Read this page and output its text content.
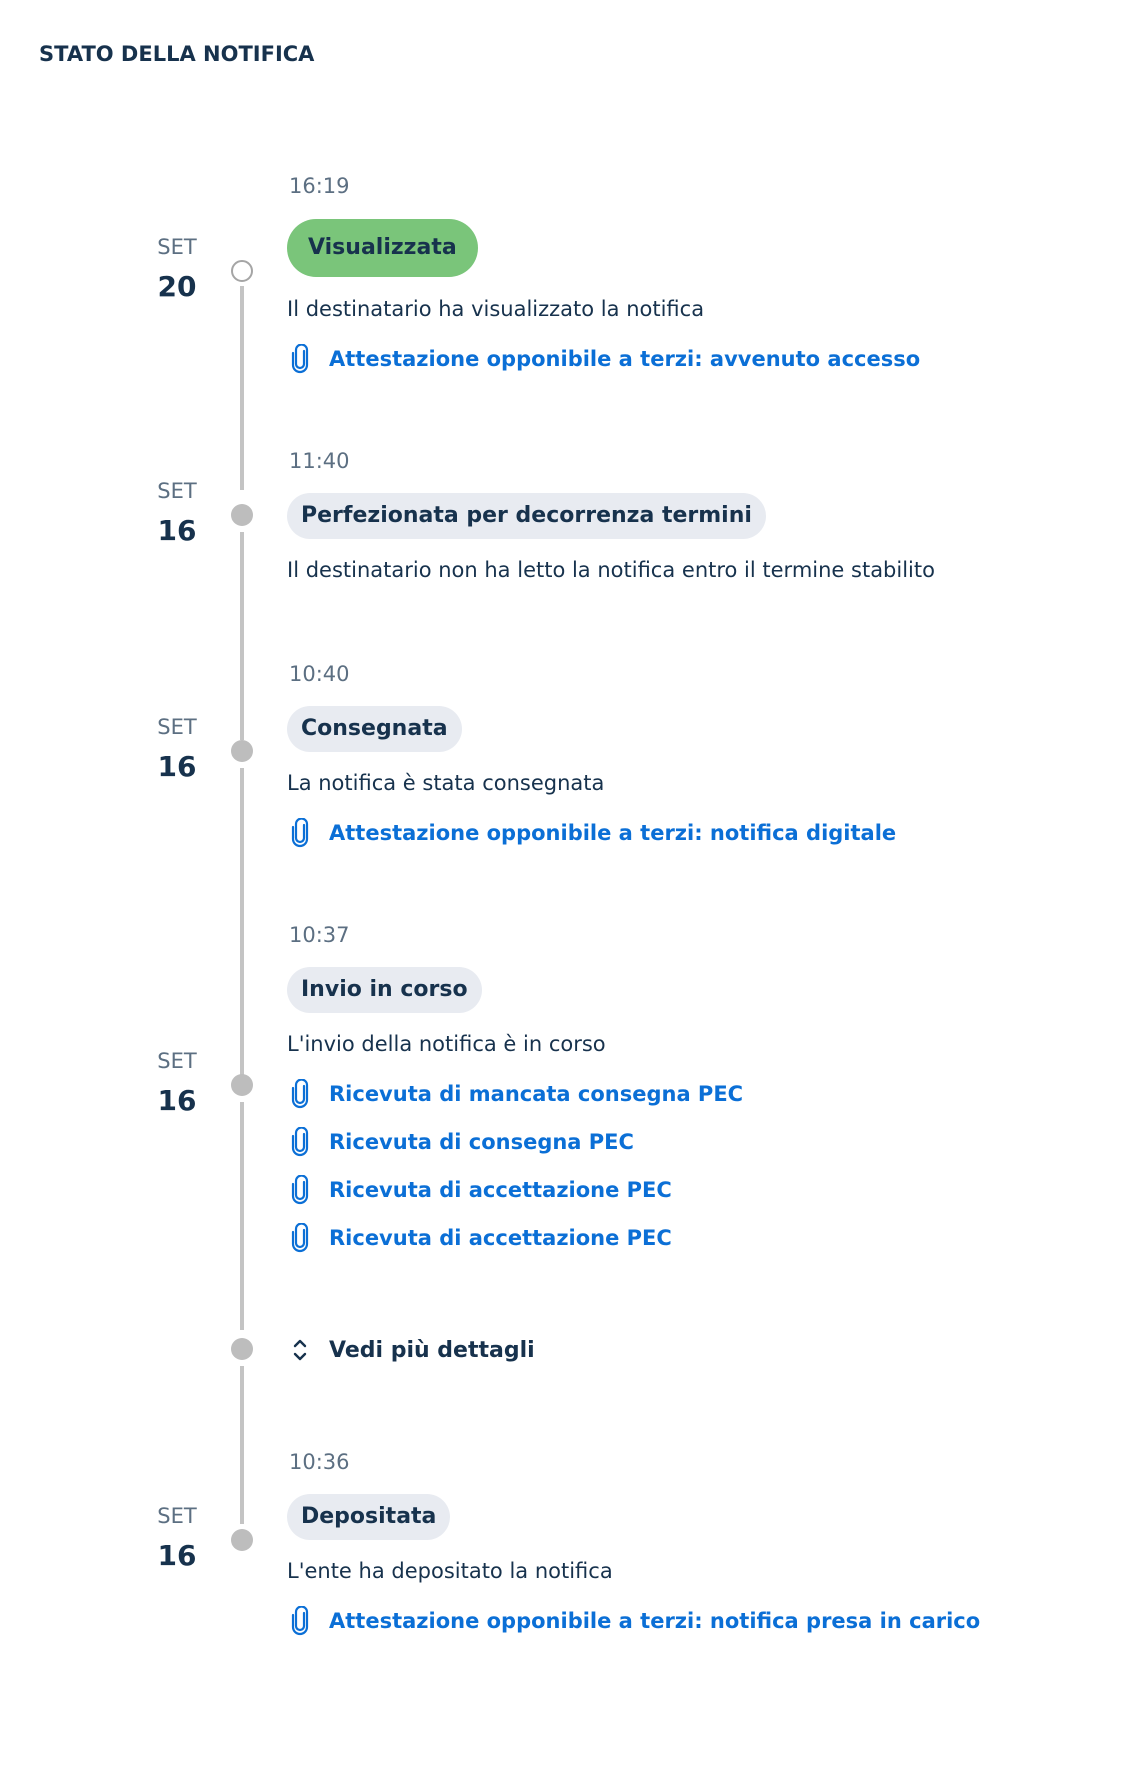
STATO DELLA NOTIFICA
SET
20
16:19
Visualizzata
Il destinatario ha visualizzato la notifica
Attestazione opponibile a terzi: avvenuto accesso
SET
16
11:40
Perfezionata per decorrenza termini
Il destinatario non ha letto la notifica entro il termine stabilito
SET
16
10:40
Consegnata
La notifica è stata consegnata
Attestazione opponibile a terzi: notifica digitale
SET
16
10:37
Invio in corso
L'invio della notifica è in corso
Ricevuta di mancata consegna PEC
Ricevuta di consegna PEC
Ricevuta di accettazione PEC
Ricevuta di accettazione PEC
Vedi più dettagli
SET
16
10:36
Depositata
L'ente ha depositato la notifica
Attestazione opponibile a terzi: notifica presa in carico
